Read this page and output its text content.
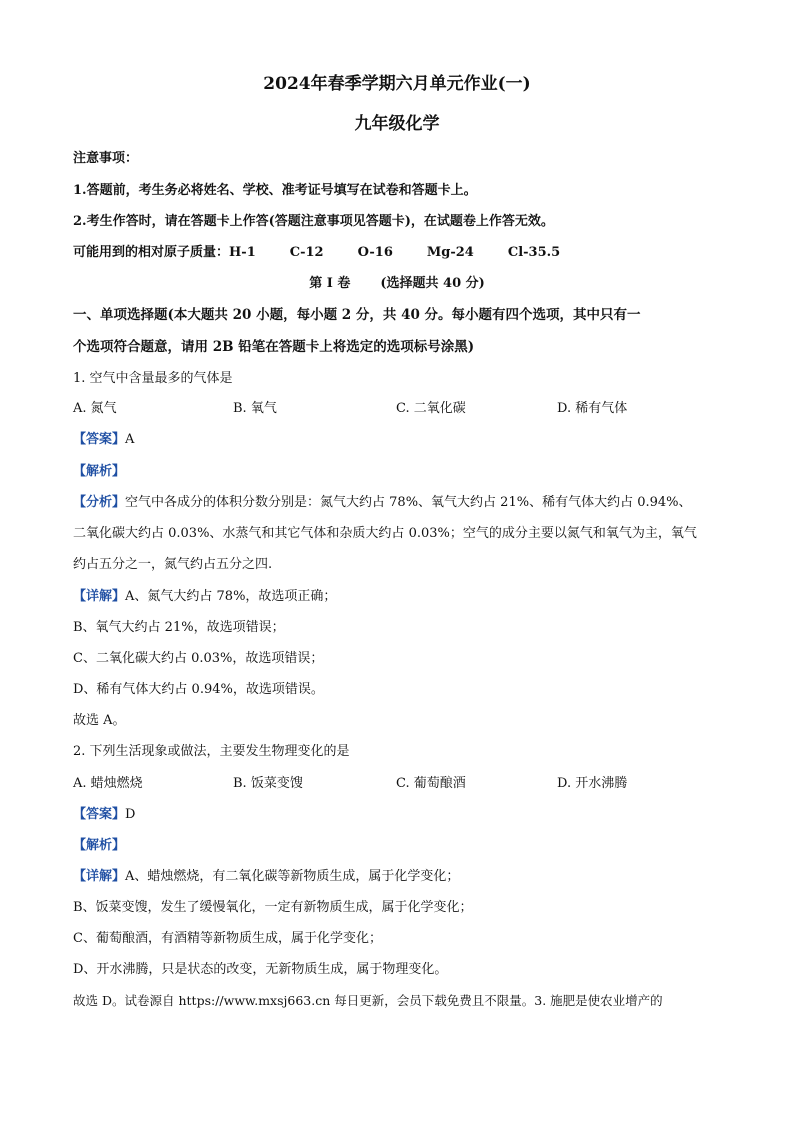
2024年春季学期六月单元作业(一)
九年级化学
注意事项：
1.答题前，考生务必将姓名、学校、准考证号填写在试卷和答题卡上。
2.考生作答时，请在答题卡上作答(答题注意事项见答题卡)，在试题卷上作答无效。
可能用到的相对原子质量：H-1	C-12	O-16	Mg-24	Cl-35.5
第 I 卷 (选择题共 40 分)
一、单项选择题(本大题共 20 小题，每小题 2 分，共 40 分。每小题有四个选项，其中只有一
个选项符合题意，请用 2B 铅笔在答题卡上将选定的选项标号涂黑)
1. 空气中含量最多的气体是
A. 氮气	B. 氧气	C. 二氧化碳	D. 稀有气体
【答案】A
【解析】
【分析】空气中各成分的体积分数分别是：氮气大约占 78%、氧气大约占 21%、稀有气体大约占 0.94%、
二氧化碳大约占 0.03%、水蒸气和其它气体和杂质大约占 0.03%；空气的成分主要以氮气和氧气为主，氧气
约占五分之一，氮气约占五分之四.
【详解】A、氮气大约占 78%，故选项正确；
B、氧气大约占 21%，故选项错误；
C、二氧化碳大约占 0.03%，故选项错误；
D、稀有气体大约占 0.94%，故选项错误。
故选 A。
2. 下列生活现象或做法，主要发生物理变化的是
A. 蜡烛燃烧	B. 饭菜变馊	C. 葡萄酿酒	D. 开水沸腾
【答案】D
【解析】
【详解】A、蜡烛燃烧，有二氧化碳等新物质生成，属于化学变化；
B、饭菜变馊，发生了缓慢氧化，一定有新物质生成，属于化学变化；
C、葡萄酿酒，有酒精等新物质生成，属于化学变化；
D、开水沸腾，只是状态的改变，无新物质生成，属于物理变化。
故选 D。试卷源自 https://www.mxsj663.cn 每日更新，会员下载免费且不限量。3. 施肥是使农业增产的
